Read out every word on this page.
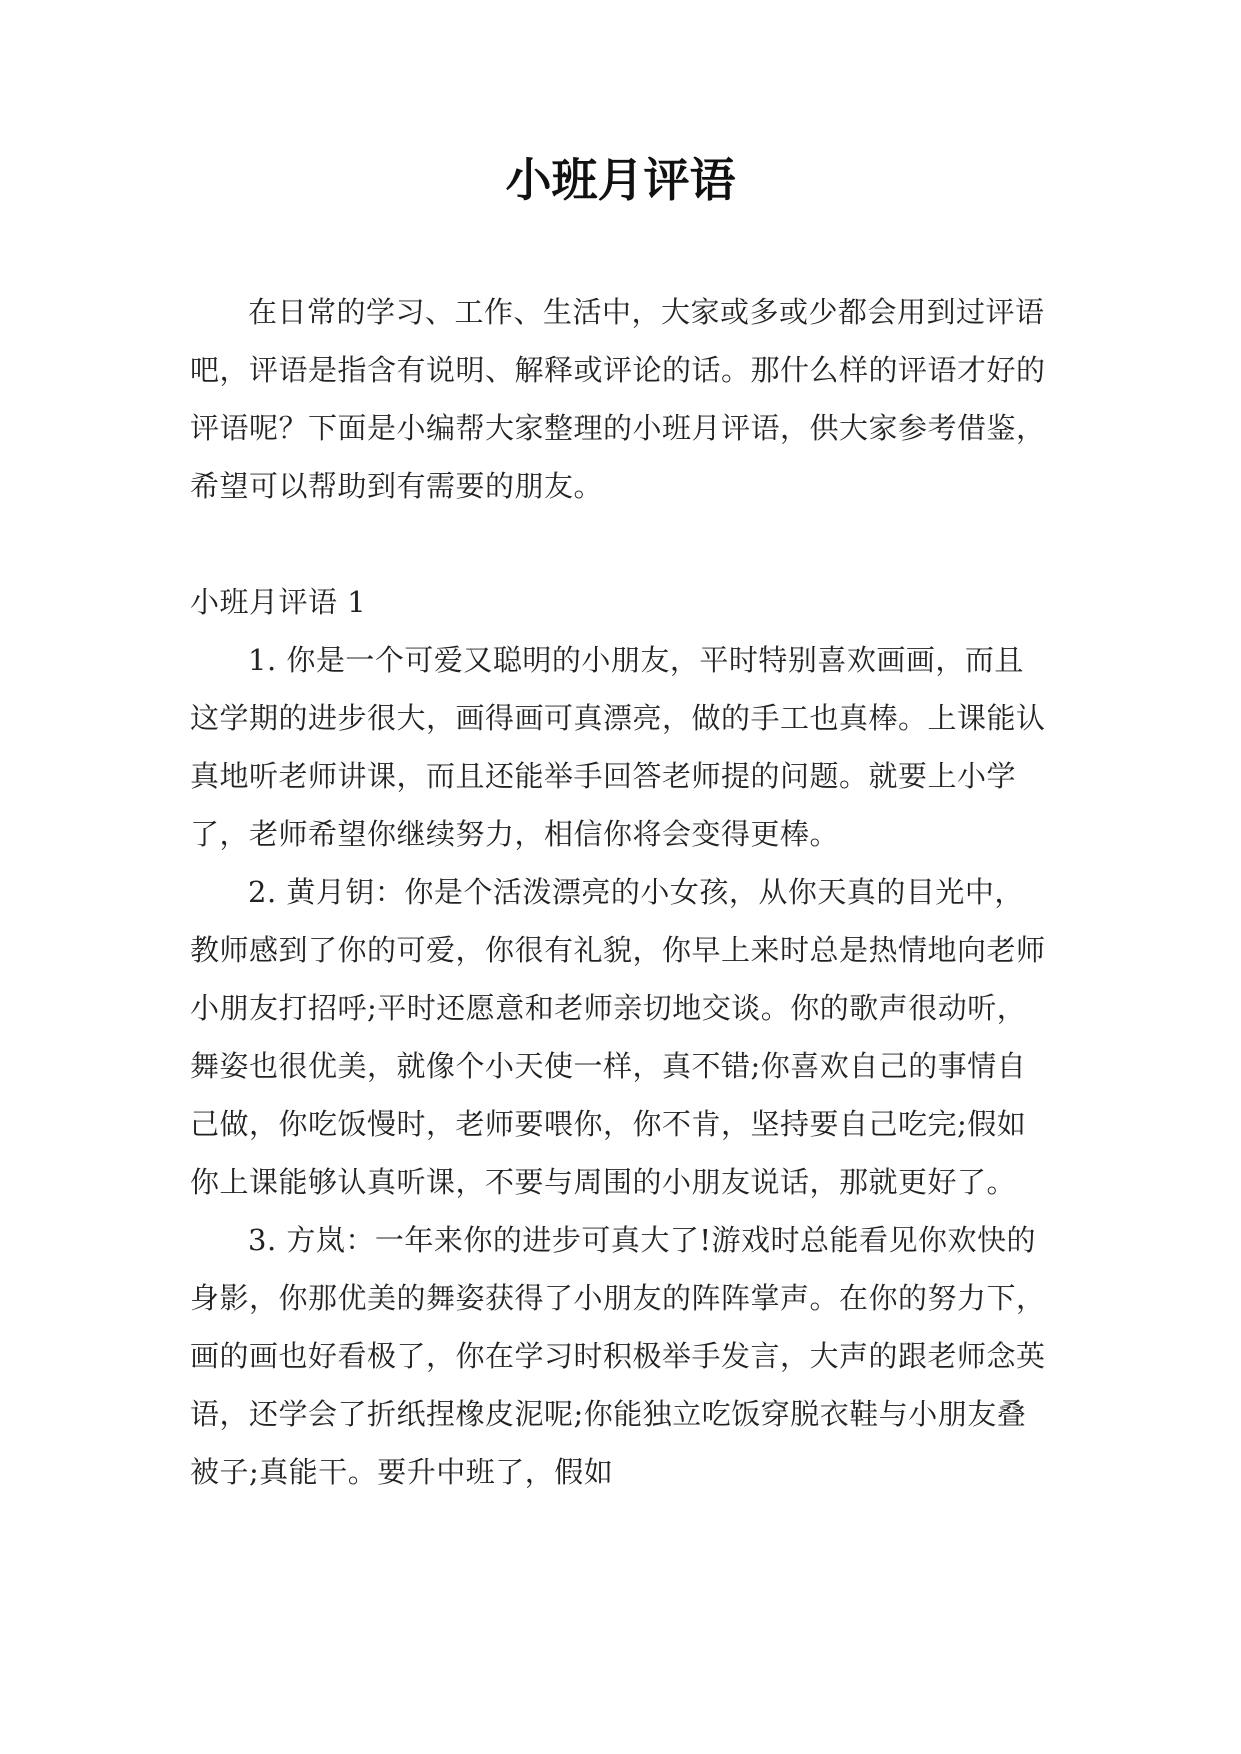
小班月评语

在日常的学习、工作、生活中，大家或多或少都会用到过评语吧，评语是指含有说明、解释或评论的话。那什么样的评语才好的评语呢？下面是小编帮大家整理的小班月评语，供大家参考借鉴，希望可以帮助到有需要的朋友。

小班月评语 1

1. 你是一个可爱又聪明的小朋友，平时特别喜欢画画，而且这学期的进步很大，画得画可真漂亮，做的手工也真棒。上课能认真地听老师讲课，而且还能举手回答老师提的问题。就要上小学了，老师希望你继续努力，相信你将会变得更棒。

2. 黄月钥：你是个活泼漂亮的小女孩，从你天真的目光中，教师感到了你的可爱，你很有礼貌，你早上来时总是热情地向老师小朋友打招呼;平时还愿意和老师亲切地交谈。你的歌声很动听，舞姿也很优美，就像个小天使一样，真不错;你喜欢自己的事情自己做，你吃饭慢时，老师要喂你，你不肯，坚持要自己吃完;假如你上课能够认真听课，不要与周围的小朋友说话，那就更好了。

3. 方岚：一年来你的进步可真大了!游戏时总能看见你欢快的身影，你那优美的舞姿获得了小朋友的阵阵掌声。在你的努力下，画的画也好看极了，你在学习时积极举手发言，大声的跟老师念英语，还学会了折纸捏橡皮泥呢;你能独立吃饭穿脱衣鞋与小朋友叠被子;真能干。要升中班了，假如
